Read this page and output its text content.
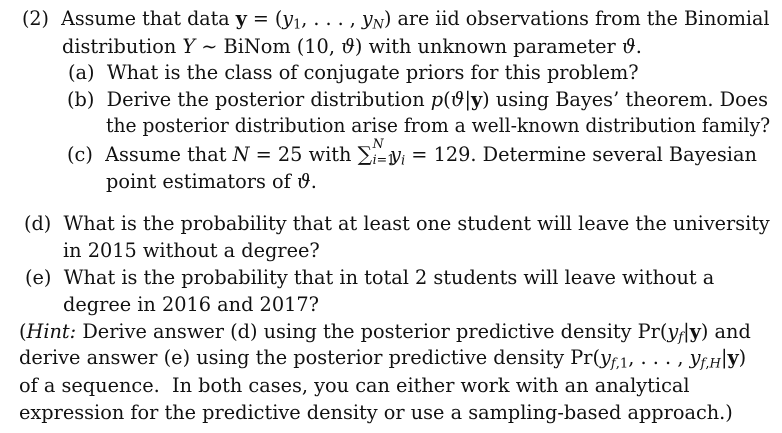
(2) Assume that data $y = (y_1$, . . . , $y_N$) are iid observations from the Binomial
distribution Y ∼ BiNom (10, ϑ) with unknown parameter ϑ.
(a) What is the class of conjugate priors for this problem?
(b) Derive the posterior distribution p(ϑ|y) using Bayes’ theorem. Does
the posterior distribution arise from a well-known distribution family?
(c) Assume that N = 25 with ∑ N
i=1
$y_i = 129$. Determine several Bayesian
point estimators of ϑ.
(d) What is the probability that at least one student will leave the university
in 2015 without a degree?
(e) What is the probability that in total 2 students will leave without a
degree in 2016 and 2017?
(Hint: Derive answer (d) using the posterior predictive density $Pr(y_f|y)$ and
derive answer (e) using the posterior predictive density $Pr(y_{f,1}$, . . . , $y_{f,H}|y$)
of a sequence. In both cases, you can either work with an analytical
expression for the predictive density or use a sampling-based approach.)
